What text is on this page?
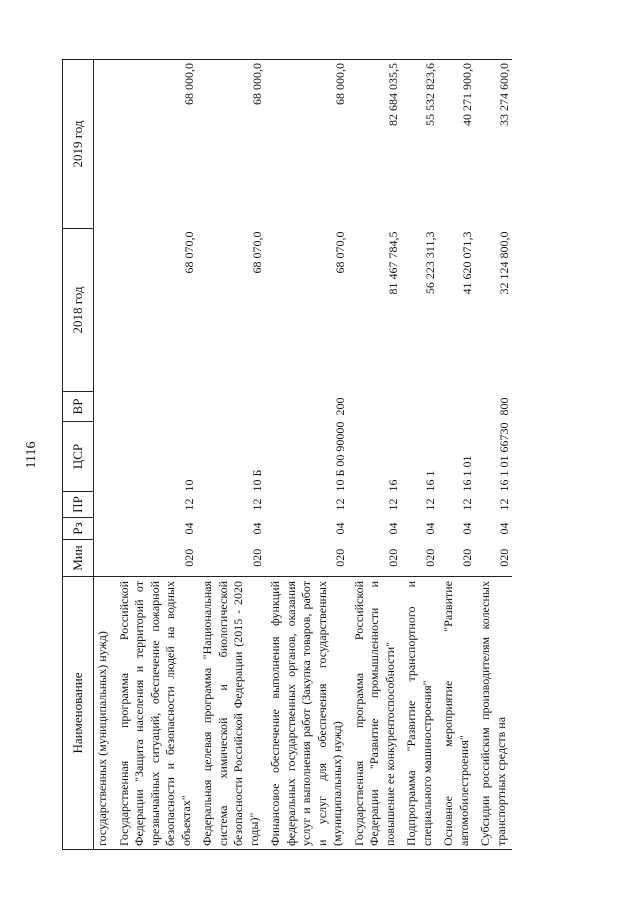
1116
Наименование	Мин	Рз	ПР	ЦСР	ВР	2018 год	2019 год
государственных (муниципальных) нужд)							
Государственная программа Российской Федерации "Защита населения и территорий от чрезвычайных ситуаций, обеспечение пожарной безопасности и безопасности людей на водных объектах"	020	04	12	10		68 070,0	68 000,0
Федеральная целевая программа "Национальная система химической и биологической безопасности Российской Федерации (2015 - 2020 годы)"	020	04	12	10 Б		68 070,0	68 000,0
Финансовое обеспечение выполнения функций федеральных государственных органов, оказания услуг и выполнения работ (Закупка товаров, работ и услуг для обеспечения государственных (муниципальных) нужд)	020	04	12	10 Б 00 90000	200	68 070,0	68 000,0
Государственная программа Российской Федерации "Развитие промышленности и повышение ее конкурентоспособности"	020	04	12	16		81 467 784,5	82 684 035,5
Подпрограмма "Развитие транспортного и специального машиностроения"	020	04	12	16 1		56 223 311,3	55 532 823,6
Основное мероприятие "Развитие автомобилестроения"	020	04	12	16 1 01		41 620 071,3	40 271 900,0
Субсидии российским производителям колесных транспортных средств на	020	04	12	16 1 01 66730	800	32 124 800,0	33 274 600,0
